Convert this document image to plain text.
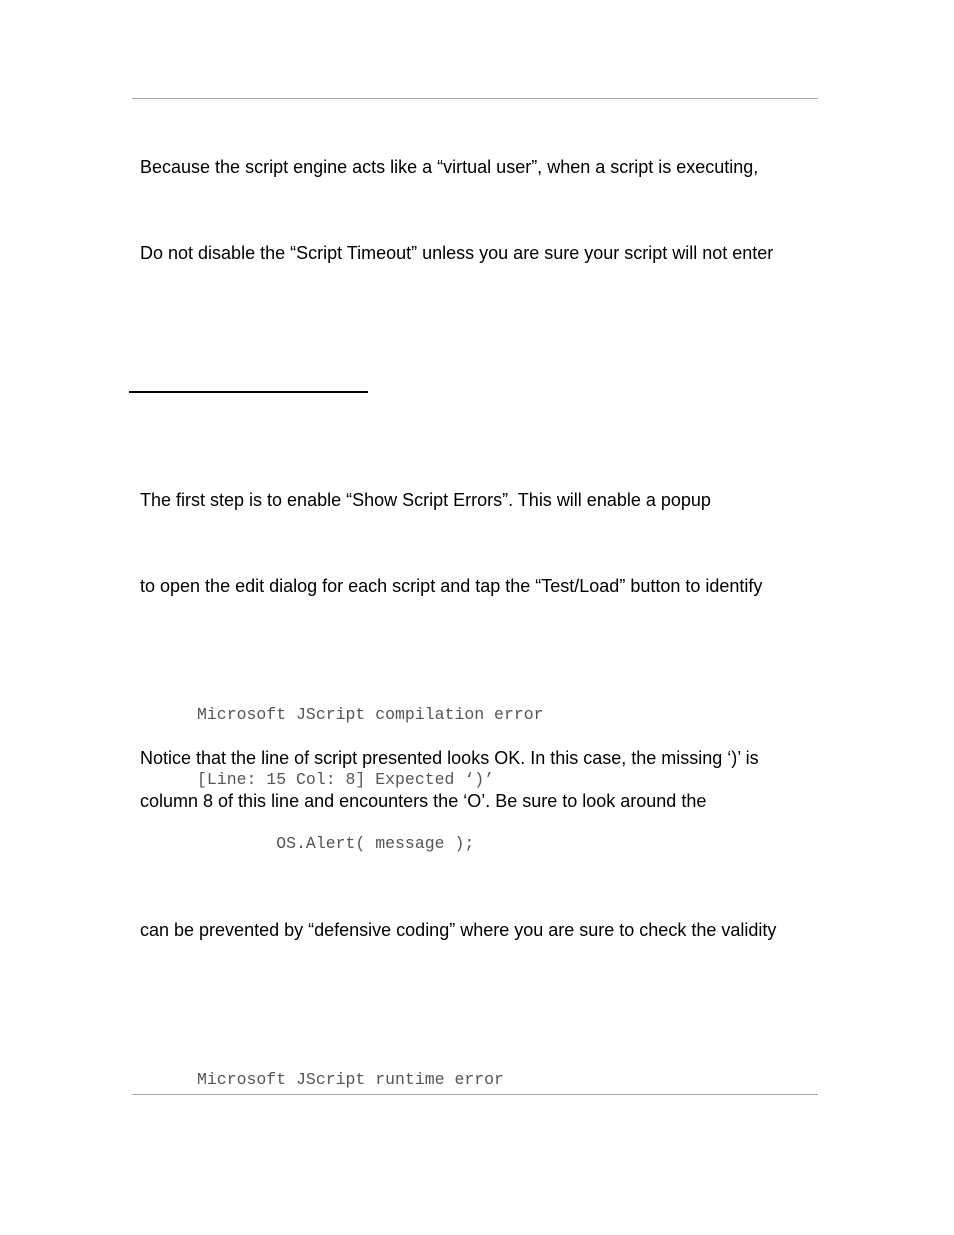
Because the script engine acts like a “virtual user”, when a script is executing,
Do not disable the “Script Timeout” unless you are sure your script will not enter
The first step is to enable “Show Script Errors”. This will enable a popup
to open the edit dialog for each script and tap the “Test/Load” button to identify

Microsoft JScript compilation error

[Line: 15 Col: 8] Expected ‘)’

OS.Alert( message );

Notice that the line of script presented looks OK. In this case, the missing ‘)’ is
column 8 of this line and encounters the ‘O’. Be sure to look around the
can be prevented by “defensive coding” where you are sure to check the validity

Microsoft JScript runtime error
